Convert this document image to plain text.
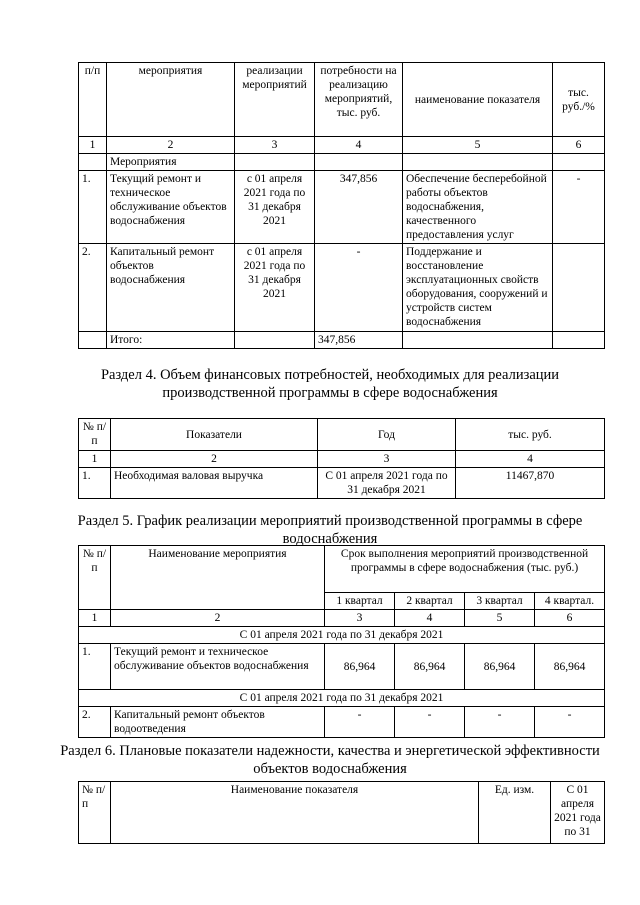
п/п	мероприятия	реализации мероприятий	потребности на реализацию мероприятий, тыс. руб.	наименование показателя	тыс. руб./%
1	2	3	4	5	6
	Мероприятия				
1.	Текущий ремонт и техническое обслуживание объектов водоснабжения	с 01 апреля 2021 года по 31 декабря 2021	347,856	Обеспечение бесперебойной работы объектов водоснабжения, качественного предоставления услуг	-
2.	Капитальный ремонт объектов водоснабжения	с 01 апреля 2021 года по 31 декабря 2021	-	Поддержание и восстановление эксплуатационных свойств оборудования, сооружений и устройств систем водоснабжения	
	Итого:		347,856		
Раздел 4. Объем финансовых потребностей, необходимых для реализации производственной программы в сфере водоснабжения
№ п/п	Показатели	Год	тыс. руб.
1	2	3	4
1.	Необходимая валовая выручка	С 01 апреля 2021 года по 31 декабря 2021	11467,870
Раздел 5. График реализации мероприятий производственной программы в сфере водоснабжения
№ п/п	Наименование мероприятия	Срок выполнения мероприятий производственной программы в сфере водоснабжения (тыс. руб.)			
		1 квартал	2 квартал	3 квартал	4 квартал.
1	2	3	4	5	6
С 01 апреля 2021 года по 31 декабря 2021					
1.	Текущий ремонт и техническое обслуживание объектов водоснабжения	86,964	86,964	86,964	86,964
С 01 апреля 2021 года по 31 декабря 2021					
2.	Капитальный ремонт объектов водоотведения	-	-	-	-
Раздел 6. Плановые показатели надежности, качества и энергетической эффективности объектов водоснабжения
№ п/п	Наименование показателя	Ед. изм.	С 01 апреля 2021 года по 31
